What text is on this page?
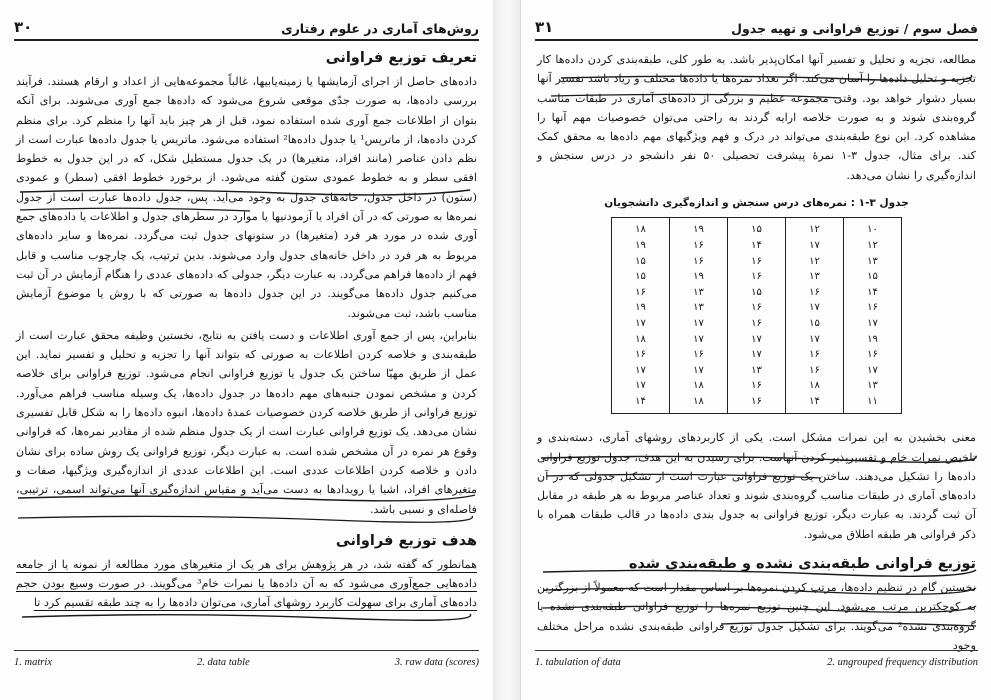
روش‌های آماری در علوم رفتاری
۳۰
تعریف توزیع فراوانی

داده‌های حاصل از اجرای آزمایشها یا زمینه‌یابیها، غالباً مجموعه‌هایی از اعداد و ارقام هستند. فرآیند بررسی داده‌ها، به صورت جدّی موقعی شروع می‌شود که داده‌ها جمع آوری می‌شوند. برای آنکه بتوان از اطلاعات جمع آوری شده استفاده نمود، قبل از هر چیز باید آنها را منظم کرد. برای منظم کردن داده‌ها، از ماتریس¹ یا جدول داده‌ها² استفاده می‌شود. ماتریس یا جدول داده‌ها عبارت است از نظم دادن عناصر (مانند افراد، متغیرها) در یک جدول مستطیل شکل، که در این جدول به خطوط افقی سطر و به خطوط عمودی ستون گفته می‌شود. از برخورد خطوط افقی (سطر) و عمودی (ستون) در داخل جدول، خانه‌های جدول به وجود می‌آید. پس، جدول داده‌ها عبارت است از جدول نمره‌ها به صورتی که در آن افراد یا آزمودنیها یا موارد در سطرهای جدول و اطلاعات یا داده‌های جمع آوری شده در مورد هر فرد (متغیرها) در ستونهای جدول ثبت می‌گردد. نمره‌ها و سایر داده‌های مربوط به هر فرد در داخل خانه‌های جدول وارد می‌شوند. بدین ترتیب، یک چارچوب مناسب و قابل فهم از داده‌ها فراهم می‌گردد. به عبارت دیگر، جدولی که داده‌های عددی را هنگام آزمایش در آن ثبت می‌کنیم جدول داده‌ها می‌گویند. در این جدول داده‌ها به صورتی که با روش یا موضوع آزمایش مناسب باشد، ثبت می‌شوند.

بنابراین، پس از جمع آوری اطلاعات و دست یافتن به نتایج، نخستین وظیفه محقق عبارت است از طبقه‌بندی و خلاصه کردن اطلاعات به صورتی که بتواند آنها را تجزیه و تحلیل و تفسیر نماید. این عمل از طریق مهیّا ساختن یک جدول یا توزیع فراوانی انجام می‌شود. توزیع فراوانی برای خلاصه کردن و مشخص نمودن جنبه‌های مهم داده‌ها در جدول داده‌ها، یک وسیله مناسب فراهم می‌آورد. توزیع فراوانی از طریق خلاصه کردن خصوصیات عمدهٔ داده‌ها، انبوه داده‌ها را به شکل قابل تفسیری نشان می‌دهد. یک توزیع فراوانی عبارت است از یک جدول منظم شده از مقادیر نمره‌ها، که فراوانی وقوع هر نمره در آن مشخص شده است. به عبارت دیگر، توزیع فراوانی یک روش ساده برای نشان دادن و خلاصه کردن اطلاعات عددی است. این اطلاعات عددی از اندازه‌گیری ویژگیها، صفات و متغیرهای افراد، اشیا یا رویدادها به دست می‌آید و مقیاس اندازه‌گیری آنها می‌تواند اسمی، ترتیبی، فاصله‌ای و نسبی باشد.

هدف توزیع فراوانی

همانطور که گفته شد، در هر پژوهش برای هر یک از متغیرهای مورد مطالعه از نمونه یا از جامعه داده‌هایی جمع‌آوری می‌شود که به آن داده‌ها یا نمرات خام³ می‌گویند. در صورت وسیع بودن حجم داده‌های آماری برای سهولت کاربرد روشهای آماری، می‌توان داده‌ها را به چند طبقه تقسیم کرد تا

1. matrix	2. data table	3. raw data (scores)
فصل سوم / توزیع فراوانی و تهیه جدول
۳۱

مطالعه، تجزیه و تحلیل و تفسیر آنها امکان‌پذیر باشد. به طور کلی، طبقه‌بندی کردن داده‌ها کار تجزیه و تحلیل داده‌ها را آسان می‌کند. اگر تعداد نمره‌ها یا داده‌ها مختلف و زیاد باشد تفسیر آنها بسیار دشوار خواهد بود. وقتی مجموعه عظیم و بزرگی از داده‌های آماری در طبقات مناسب گروه‌بندی شوند و به صورت خلاصه ارایه گردند به راحتی می‌توان خصوصیات مهم آنها را مشاهده کرد. این نوع طبقه‌بندی می‌تواند در درک و فهم ویژگیهای مهم داده‌ها به محقق کمک کند. برای مثال، جدول ۳-۱ نمرهٔ پیشرفت تحصیلی ۵۰ نفر دانشجو در درس سنجش و اندازه‌گیری را نشان می‌دهد.

جدول ۳-۱ : نمره‌های درس سنجش و اندازه‌گیری دانشجویان
۱۰	۱۲	۱۵	۱۹	۱۸
۱۲	۱۷	۱۴	۱۶	۱۹
۱۳	۱۲	۱۶	۱۶	۱۵
۱۵	۱۳	۱۶	۱۹	۱۵
۱۴	۱۶	۱۵	۱۳	۱۶
۱۶	۱۷	۱۶	۱۳	۱۹
۱۷	۱۵	۱۶	۱۷	۱۷
۱۹	۱۷	۱۷	۱۷	۱۸
۱۶	۱۶	۱۷	۱۶	۱۶
۱۷	۱۶	۱۳	۱۷	۱۷
۱۳	۱۸	۱۶	۱۸	۱۷
۱۱	۱۴	۱۶	۱۸	۱۴

معنی بخشیدن به این نمرات مشکل است. یکی از کاربردهای روشهای آماری، دسته‌بندی و تلخیص نمرات خام و تفسیرپذیر کردن آنهاست. برای رسیدن به این هدف، جدول توزیع فراوانی داده‌ها را تشکیل می‌دهند. ساختن یک توزیع فراوانی عبارت است از تشکیل جدولی که در آن داده‌های آماری در طبقات مناسب گروه‌بندی شوند و تعداد عناصر مربوط به هر طبقه در مقابل آن ثبت گردند. به عبارت دیگر، توزیع فراوانی به جدول بندی داده‌ها در قالب طبقات همراه با ذکر فراوانی هر طبقه اطلاق می‌شود.

توزیع فراوانی طبقه‌بندی نشده و طبقه‌بندی شده

نخستین گام در تنظیم داده‌ها، مرتب کردن نمره‌ها بر اساس مقدار است که معمولاً از بزرگترین به کوچکترین مرتب می‌شود. این چنین توزیع نمره‌ها را توزیع فراوانی طبقه‌بندی نشده یا گروه‌بندی نشده² می‌گویند. برای تشکیل جدول توزیع فراوانی طبقه‌بندی نشده مراحل مختلف وجود

1. tabulation of data	2. ungrouped frequency distribution
